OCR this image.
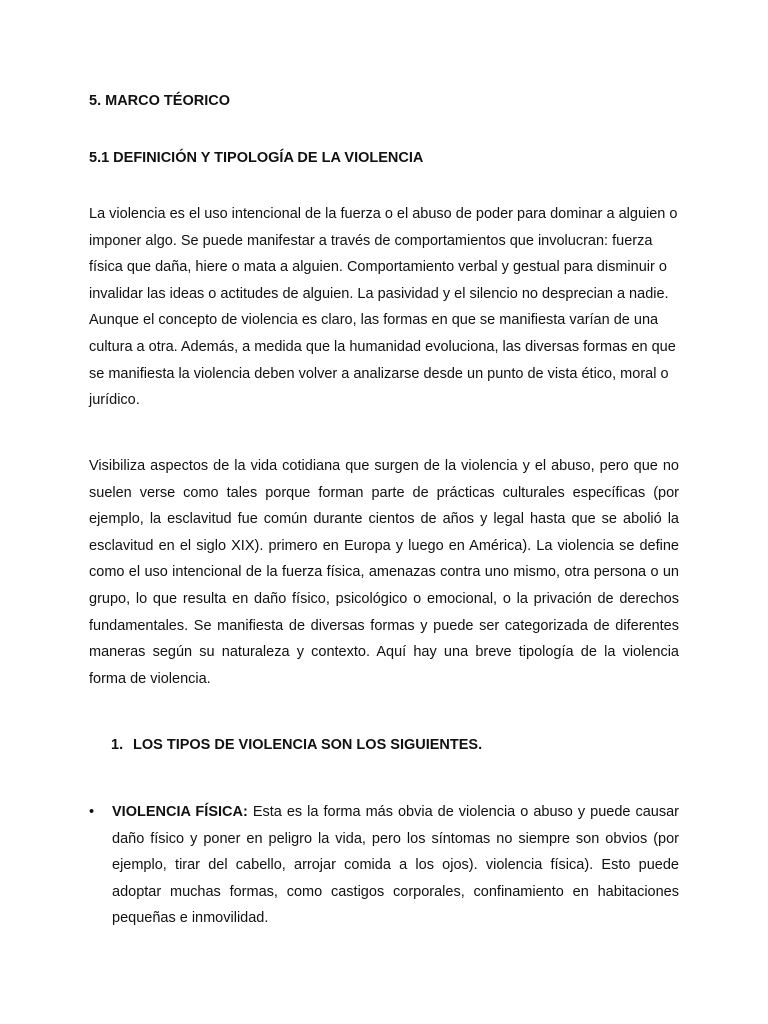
5. MARCO TÉORICO
5.1 DEFINICIÓN Y TIPOLOGÍA DE LA VIOLENCIA

La violencia es el uso intencional de la fuerza o el abuso de poder para dominar a alguien o imponer algo. Se puede manifestar a través de comportamientos que involucran: fuerza física que daña, hiere o mata a alguien. Comportamiento verbal y gestual para disminuir o invalidar las ideas o actitudes de alguien. La pasividad y el silencio no desprecian a nadie. Aunque el concepto de violencia es claro, las formas en que se manifiesta varían de una cultura a otra. Además, a medida que la humanidad evoluciona, las diversas formas en que se manifiesta la violencia deben volver a analizarse desde un punto de vista ético, moral o jurídico.

Visibiliza aspectos de la vida cotidiana que surgen de la violencia y el abuso, pero que no suelen verse como tales porque forman parte de prácticas culturales específicas (por ejemplo, la esclavitud fue común durante cientos de años y legal hasta que se abolió la esclavitud en el siglo XIX). primero en Europa y luego en América). La violencia se define como el uso intencional de la fuerza física, amenazas contra uno mismo, otra persona o un grupo, lo que resulta en daño físico, psicológico o emocional, o la privación de derechos fundamentales. Se manifiesta de diversas formas y puede ser categorizada de diferentes maneras según su naturaleza y contexto. Aquí hay una breve tipología de la violencia forma de violencia.

1. LOS TIPOS DE VIOLENCIA SON LOS SIGUIENTES.
• VIOLENCIA FÍSICA: Esta es la forma más obvia de violencia o abuso y puede causar daño físico y poner en peligro la vida, pero los síntomas no siempre son obvios (por ejemplo, tirar del cabello, arrojar comida a los ojos). violencia física). Esto puede adoptar muchas formas, como castigos corporales, confinamiento en habitaciones pequeñas e inmovilidad.
